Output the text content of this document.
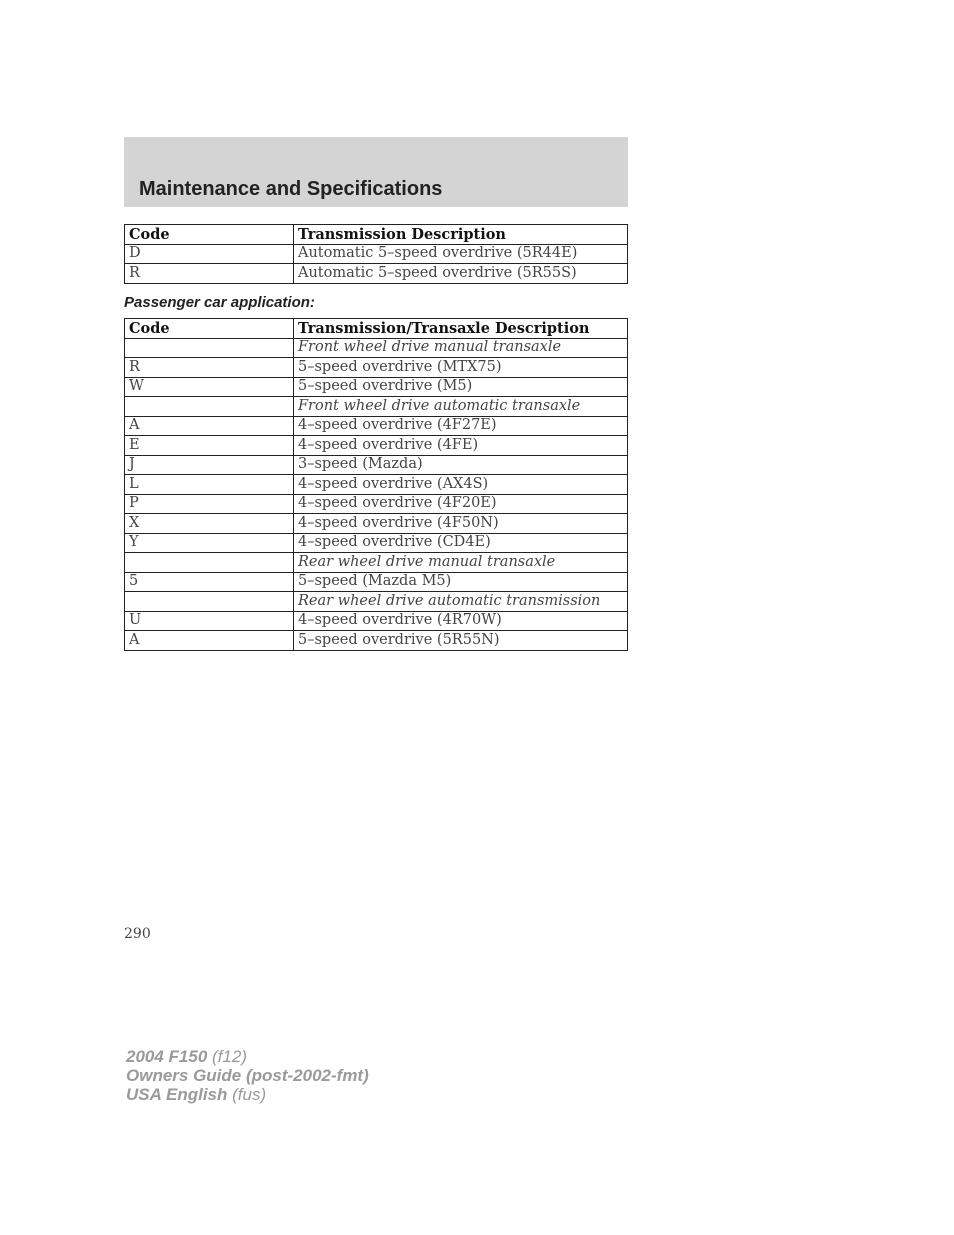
Maintenance and Specifications
Code	Transmission Description
D	Automatic 5–speed overdrive (5R44E)
R	Automatic 5–speed overdrive (5R55S)
Passenger car application:
Code	Transmission/Transaxle Description
	Front wheel drive manual transaxle
R	5–speed overdrive (MTX75)
W	5–speed overdrive (M5)
	Front wheel drive automatic transaxle
A	4–speed overdrive (4F27E)
E	4–speed overdrive (4FE)
J	3–speed (Mazda)
L	4–speed overdrive (AX4S)
P	4–speed overdrive (4F20E)
X	4–speed overdrive (4F50N)
Y	4–speed overdrive (CD4E)
	Rear wheel drive manual transaxle
5	5–speed (Mazda M5)
	Rear wheel drive automatic transmission
U	4–speed overdrive (4R70W)
A	5–speed overdrive (5R55N)
290
2004 F150 (f12)
Owners Guide (post-2002-fmt)
USA English (fus)
